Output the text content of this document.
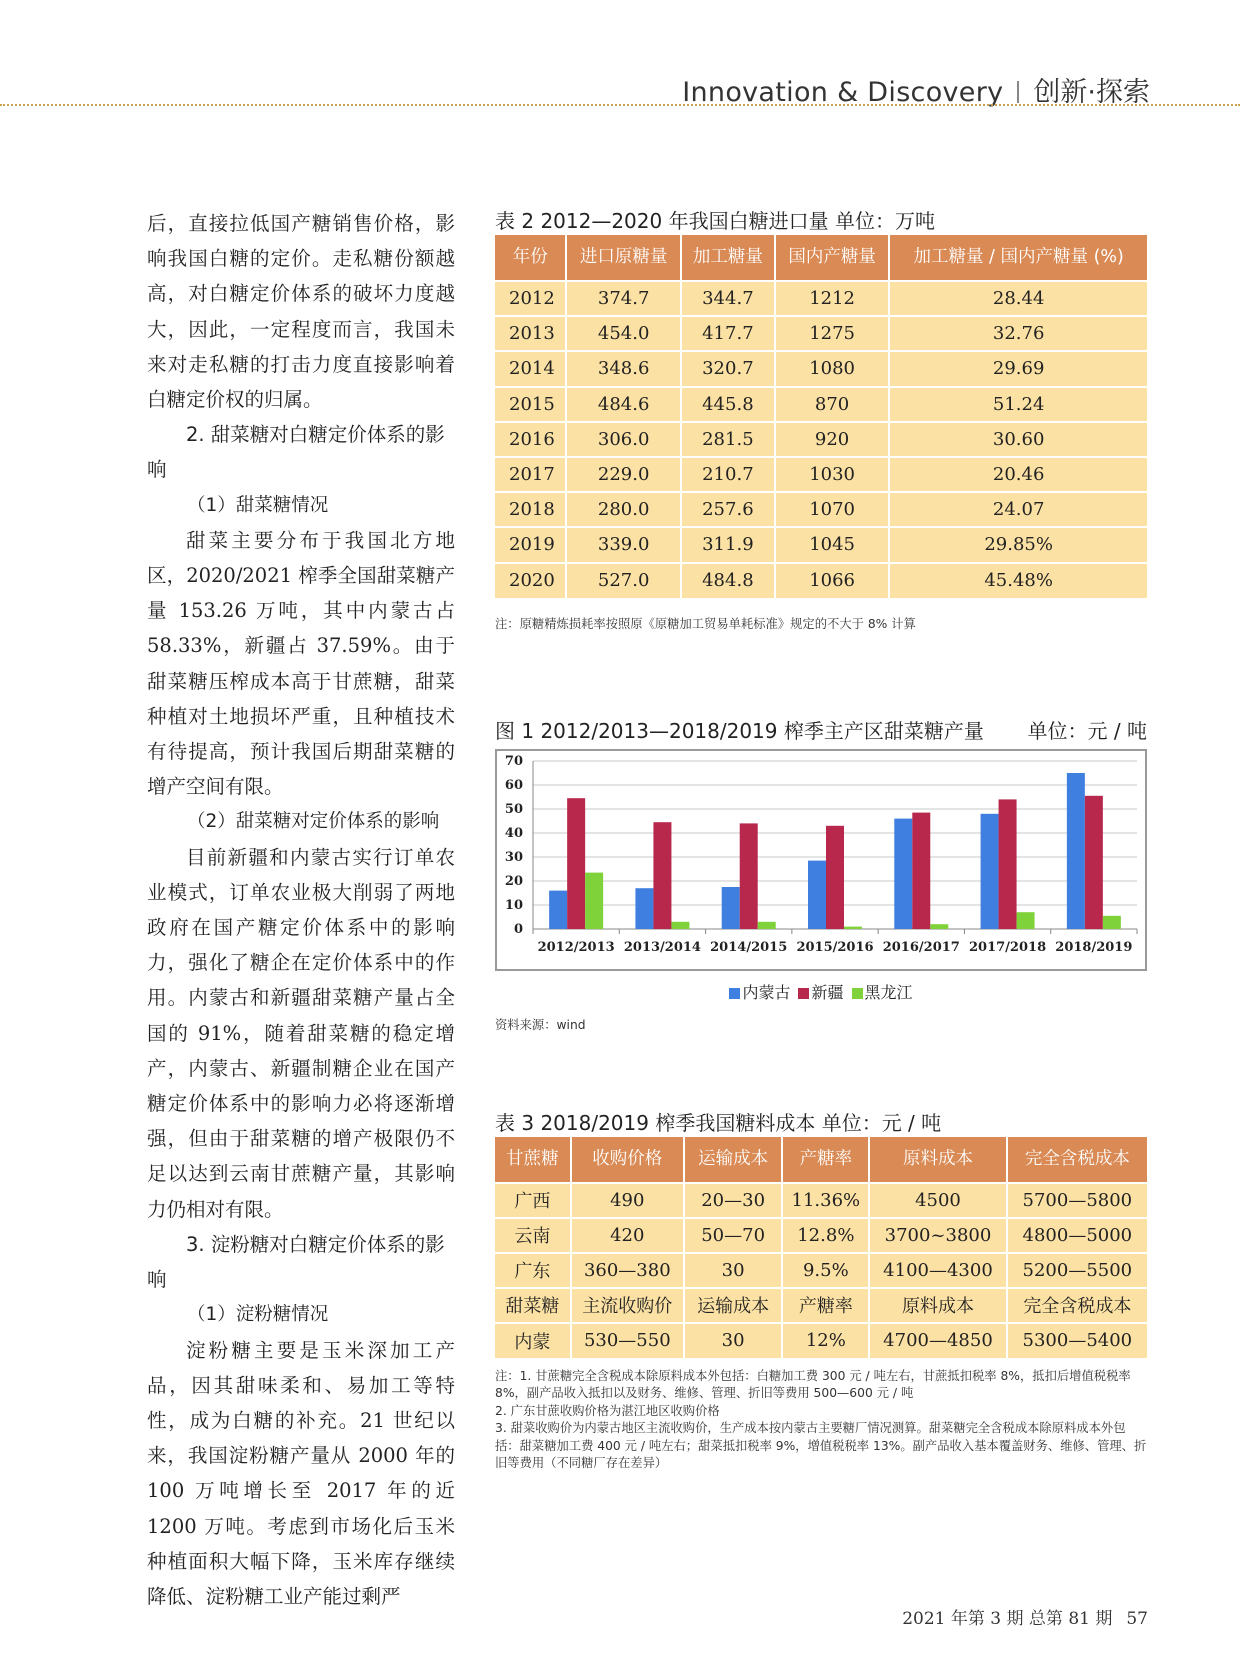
Innovation & Discovery 创新·探索

后，直接拉低国产糖销售价格，影响我国白糖的定价。走私糖份额越高，对白糖定价体系的破坏力度越大，因此，一定程度而言，我国未来对走私糖的打击力度直接影响着白糖定价权的归属。

2. 甜菜糖对白糖定价体系的影响

（1）甜菜糖情况

甜菜主要分布于我国北方地区，2020/2021 榨季全国甜菜糖产量 153.26 万吨，其中内蒙古占 58.33%，新疆占 37.59%。由于甜菜糖压榨成本高于甘蔗糖，甜菜种植对土地损坏严重，且种植技术有待提高，预计我国后期甜菜糖的增产空间有限。

（2）甜菜糖对定价体系的影响

目前新疆和内蒙古实行订单农业模式，订单农业极大削弱了两地政府在国产糖定价体系中的影响力，强化了糖企在定价体系中的作用。内蒙古和新疆甜菜糖产量占全国的 91%，随着甜菜糖的稳定增产，内蒙古、新疆制糖企业在国产糖定价体系中的影响力必将逐渐增强，但由于甜菜糖的增产极限仍不足以达到云南甘蔗糖产量，其影响力仍相对有限。

3. 淀粉糖对白糖定价体系的影响

（1）淀粉糖情况

淀粉糖主要是玉米深加工产品，因其甜味柔和、易加工等特性，成为白糖的补充。21 世纪以来，我国淀粉糖产量从 2000 年的 100 万吨增长至 2017 年的近 1200 万吨。考虑到市场化后玉米种植面积大幅下降，玉米库存继续降低、淀粉糖工业产能过剩严

表 2 2012—2020 年我国白糖进口量 单位：万吨
年份	进口原糖量	加工糖量	国内产糖量	加工糖量 / 国内产糖量 (%)
2012	374.7	344.7	1212	28.44
2013	454.0	417.7	1275	32.76
2014	348.6	320.7	1080	29.69
2015	484.6	445.8	870	51.24
2016	306.0	281.5	920	30.60
2017	229.0	210.7	1030	20.46
2018	280.0	257.6	1070	24.07
2019	339.0	311.9	1045	29.85%
2020	527.0	484.8	1066	45.48%
注：原糖精炼损耗率按照原《原糖加工贸易单耗标准》规定的不大于 8% 计算
图 1 2012/2013—2018/2019 榨季主产区甜菜糖产量 单位：元 / 吨
0
10
20
30
40
50
60
70
2012/2013 2013/2014 2014/2015 2015/2016 2016/2017 2017/2018 2018/2019
内蒙古 新疆 黑龙江
资料来源：wind
表 3 2018/2019 榨季我国糖料成本 单位：元 / 吨
甘蔗糖	收购价格	运输成本	产糖率	原料成本	完全含税成本
广西	490	20—30	11.36%	4500	5700—5800
云南	420	50—70	12.8%	3700~3800	4800—5000
广东	360—380	30	9.5%	4100—4300	5200—5500
甜菜糖	主流收购价	运输成本	产糖率	原料成本	完全含税成本
内蒙	530—550	30	12%	4700—4850	5300—5400
注：1. 甘蔗糖完全含税成本除原料成本外包括：白糖加工费 300 元 / 吨左右，甘蔗抵扣税率 8%，抵扣后增值税税率 8%，副产品收入抵扣以及财务、维修、管理、折旧等费用 500—600 元 / 吨
2. 广东甘蔗收购价格为湛江地区收购价格
3. 甜菜收购价为内蒙古地区主流收购价，生产成本按内蒙古主要糖厂情况测算。甜菜糖完全含税成本除原料成本外包括：甜菜糖加工费 400 元 / 吨左右；甜菜抵扣税率 9%，增值税税率 13%。副产品收入基本覆盖财务、维修、管理、折旧等费用（不同糖厂存在差异）
2021 年第 3 期 总第 81 期 57
